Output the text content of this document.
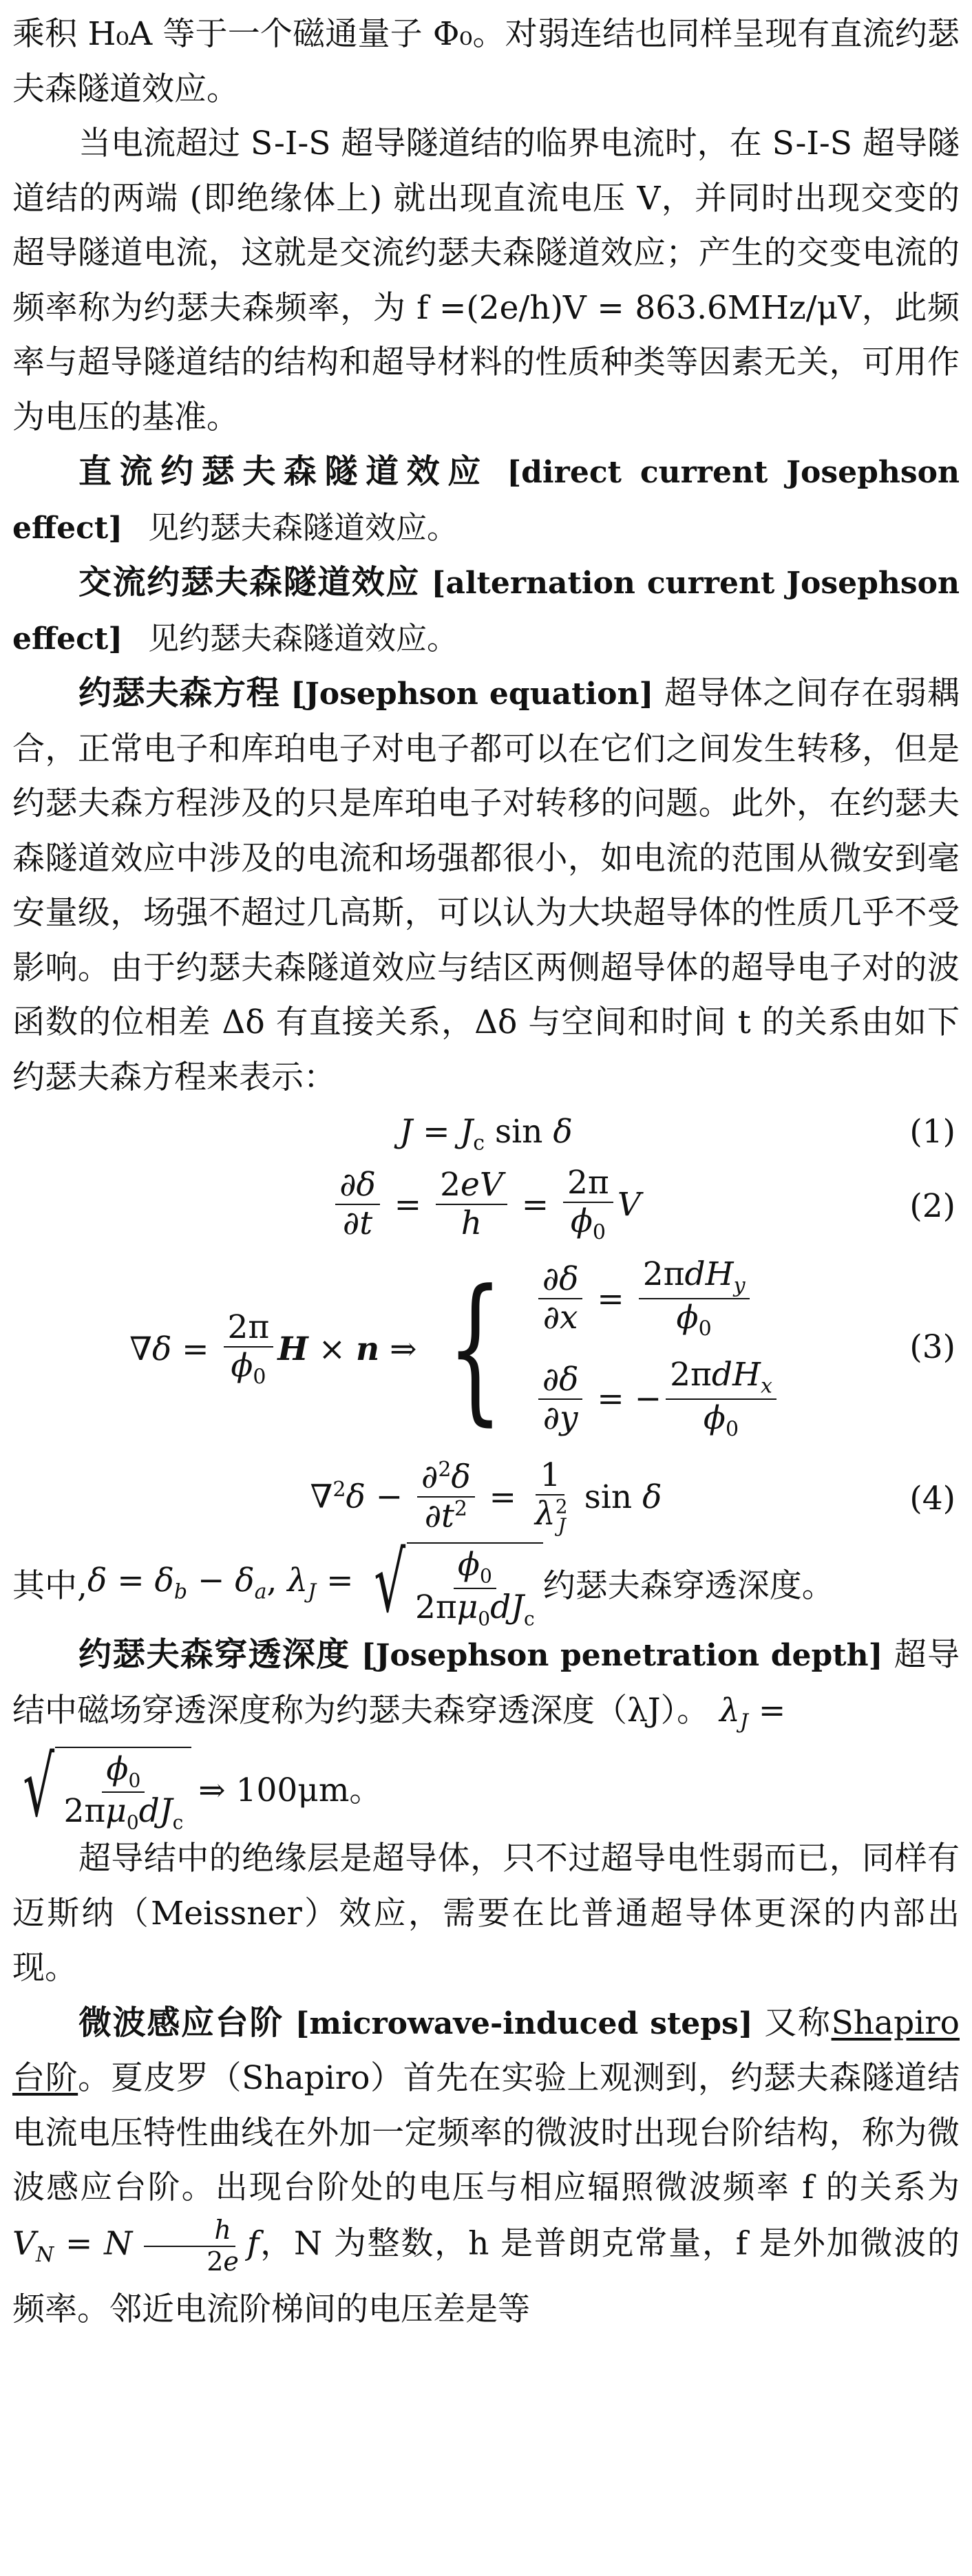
乘积 H₀A 等于一个磁通量子 Φ₀。对弱连结也同样呈现有直流约瑟夫森隧道效应。

当电流超过 S-I-S 超导隧道结的临界电流时，在 S-I-S 超导隧道结的两端 (即绝缘体上) 就出现直流电压 V，并同时出现交变的超导隧道电流，这就是交流约瑟夫森隧道效应；产生的交变电流的频率称为约瑟夫森频率，为 f =(2e/h)V = 863.6MHz/μV，此频率与超导隧道结的结构和超导材料的性质种类等因素无关，可用作为电压的基准。

直流约瑟夫森隧道效应 [direct current Josephson effect] 见约瑟夫森隧道效应。

交流约瑟夫森隧道效应 [alternation current Josephson effect] 见约瑟夫森隧道效应。

约瑟夫森方程 [Josephson equation] 超导体之间存在弱耦合，正常电子和库珀电子对电子都可以在它们之间发生转移，但是约瑟夫森方程涉及的只是库珀电子对转移的问题。此外，在约瑟夫森隧道效应中涉及的电流和场强都很小，如电流的范围从微安到毫安量级，场强不超过几高斯，可以认为大块超导体的性质几乎不受影响。由于约瑟夫森隧道效应与结区两侧超导体的超导电子对的波函数的位相差 Δδ 有直接关系，Δδ 与空间和时间 t 的关系由如下约瑟夫森方程来表示：

$J = J_c$ sin δ	(1)
$\frac{\partial\delta}{\partial t} = \frac{2eV}{h} = \frac{2\pi}{\phi_0}$ V	(2)
$\nabla\delta = \frac{2\pi}{\phi_0}$ H × n ⇒ { $\frac{\partial\delta}{\partial x} = \frac{2\pi dH_y}{\phi_0}$
$\frac{\partial\delta}{\partial y}$ = − $\frac{2\pi dH_x}{\phi_0}$
(3)
$\nabla^2\delta - \frac{\partial^2\delta}{\partial t^2} = \frac{1}{\lambda^2_J}$ sin δ	(4)

其中, $\delta = \delta_b - \delta_a$, $\lambda_J$ = √ $\frac{\phi_0}{2\pi\mu_0dJ_c}$ 约瑟夫森穿透深度。

约瑟夫森穿透深度 [Josephson penetration depth] 超导结中磁场穿透深度称为约瑟夫森穿透深度（λJ）。 $\lambda_J$ =

√ $\frac{\phi_0}{2\pi\mu_0dJ_c}$ ⇒ 100μm。

超导结中的绝缘层是超导体，只不过超导电性弱而已，同样有迈斯纳（Meissner）效应，需要在比普通超导体更深的内部出现。

微波感应台阶 [microwave-induced steps] 又称Shapiro 台阶。夏皮罗（Shapiro）首先在实验上观测到，约瑟夫森隧道结电流电压特性曲线在外加一定频率的微波时出现台阶结构，称为微波感应台阶。出现台阶处的电压与相应辐照微波频率 f 的关系为 $V_N = N \frac{h}{2e}$ f，N 为整数，h 是普朗克常量，f 是外加微波的频率。邻近电流阶梯间的电压差是等
